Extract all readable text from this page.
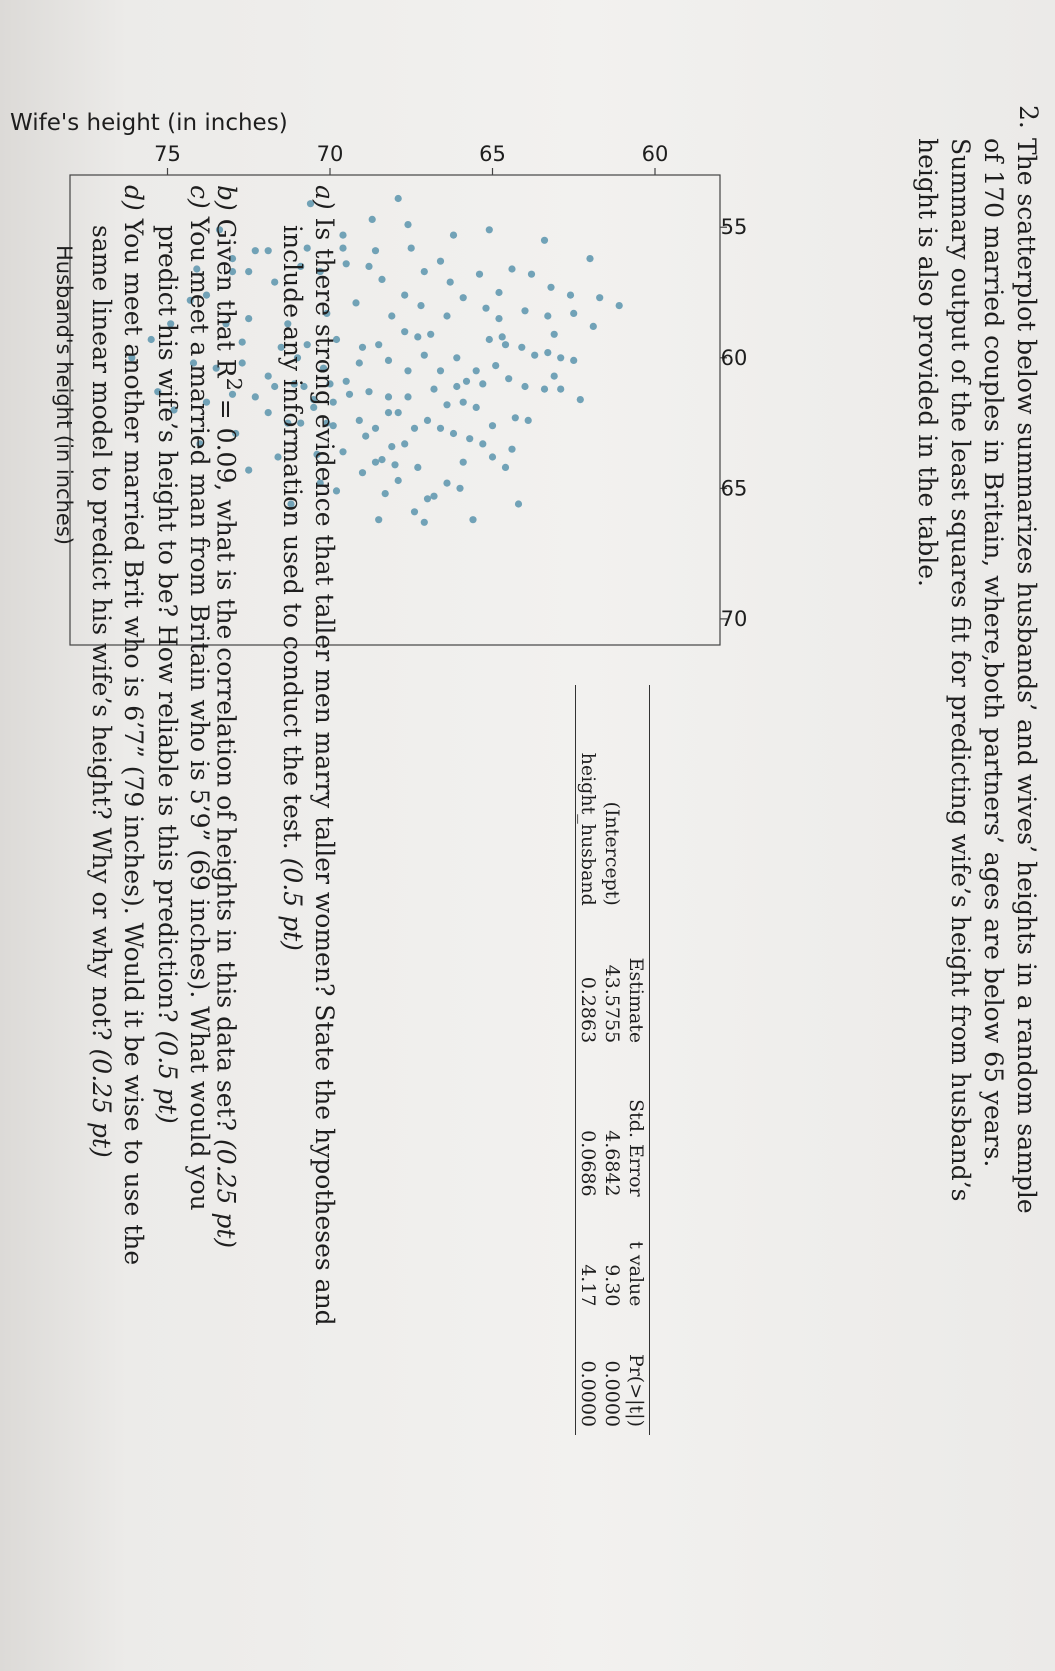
2.
The scatterplot below summarizes husbands’ and wives’ heights in a random sample
of 170 married couples in Britain, where,both partners’ ages are below 65 years.
Summary output of the least squares fit for predicting wife’s height from husband’s
height is also provided in the table.
55
60
65
70
60
65
70
75
Wife's height (in inches)
Husband's height (in inches)
	Estimate	Std. Error	t value	Pr(>|t|)
(Intercept)	43.5755	4.6842	9.30	0.0000
height_husband	0.2863	0.0686	4.17	0.0000
a)Is there strong evidence that taller men marry taller women? State the hypotheses and
include any information used to conduct the test. (0.5 pt)
b)Given that $R^2 = 0.09$, what is the correlation of heights in this data set? (0.25 pt)
c)You meet a married man from Britain who is 5’9” (69 inches). What would you
predict his wife’s height to be? How reliable is this prediction? (0.5 pt)
d)You meet another married Brit who is 6’7” (79 inches). Would it be wise to use the
same linear model to predict his wife’s height? Why or why not? (0.25 pt)
